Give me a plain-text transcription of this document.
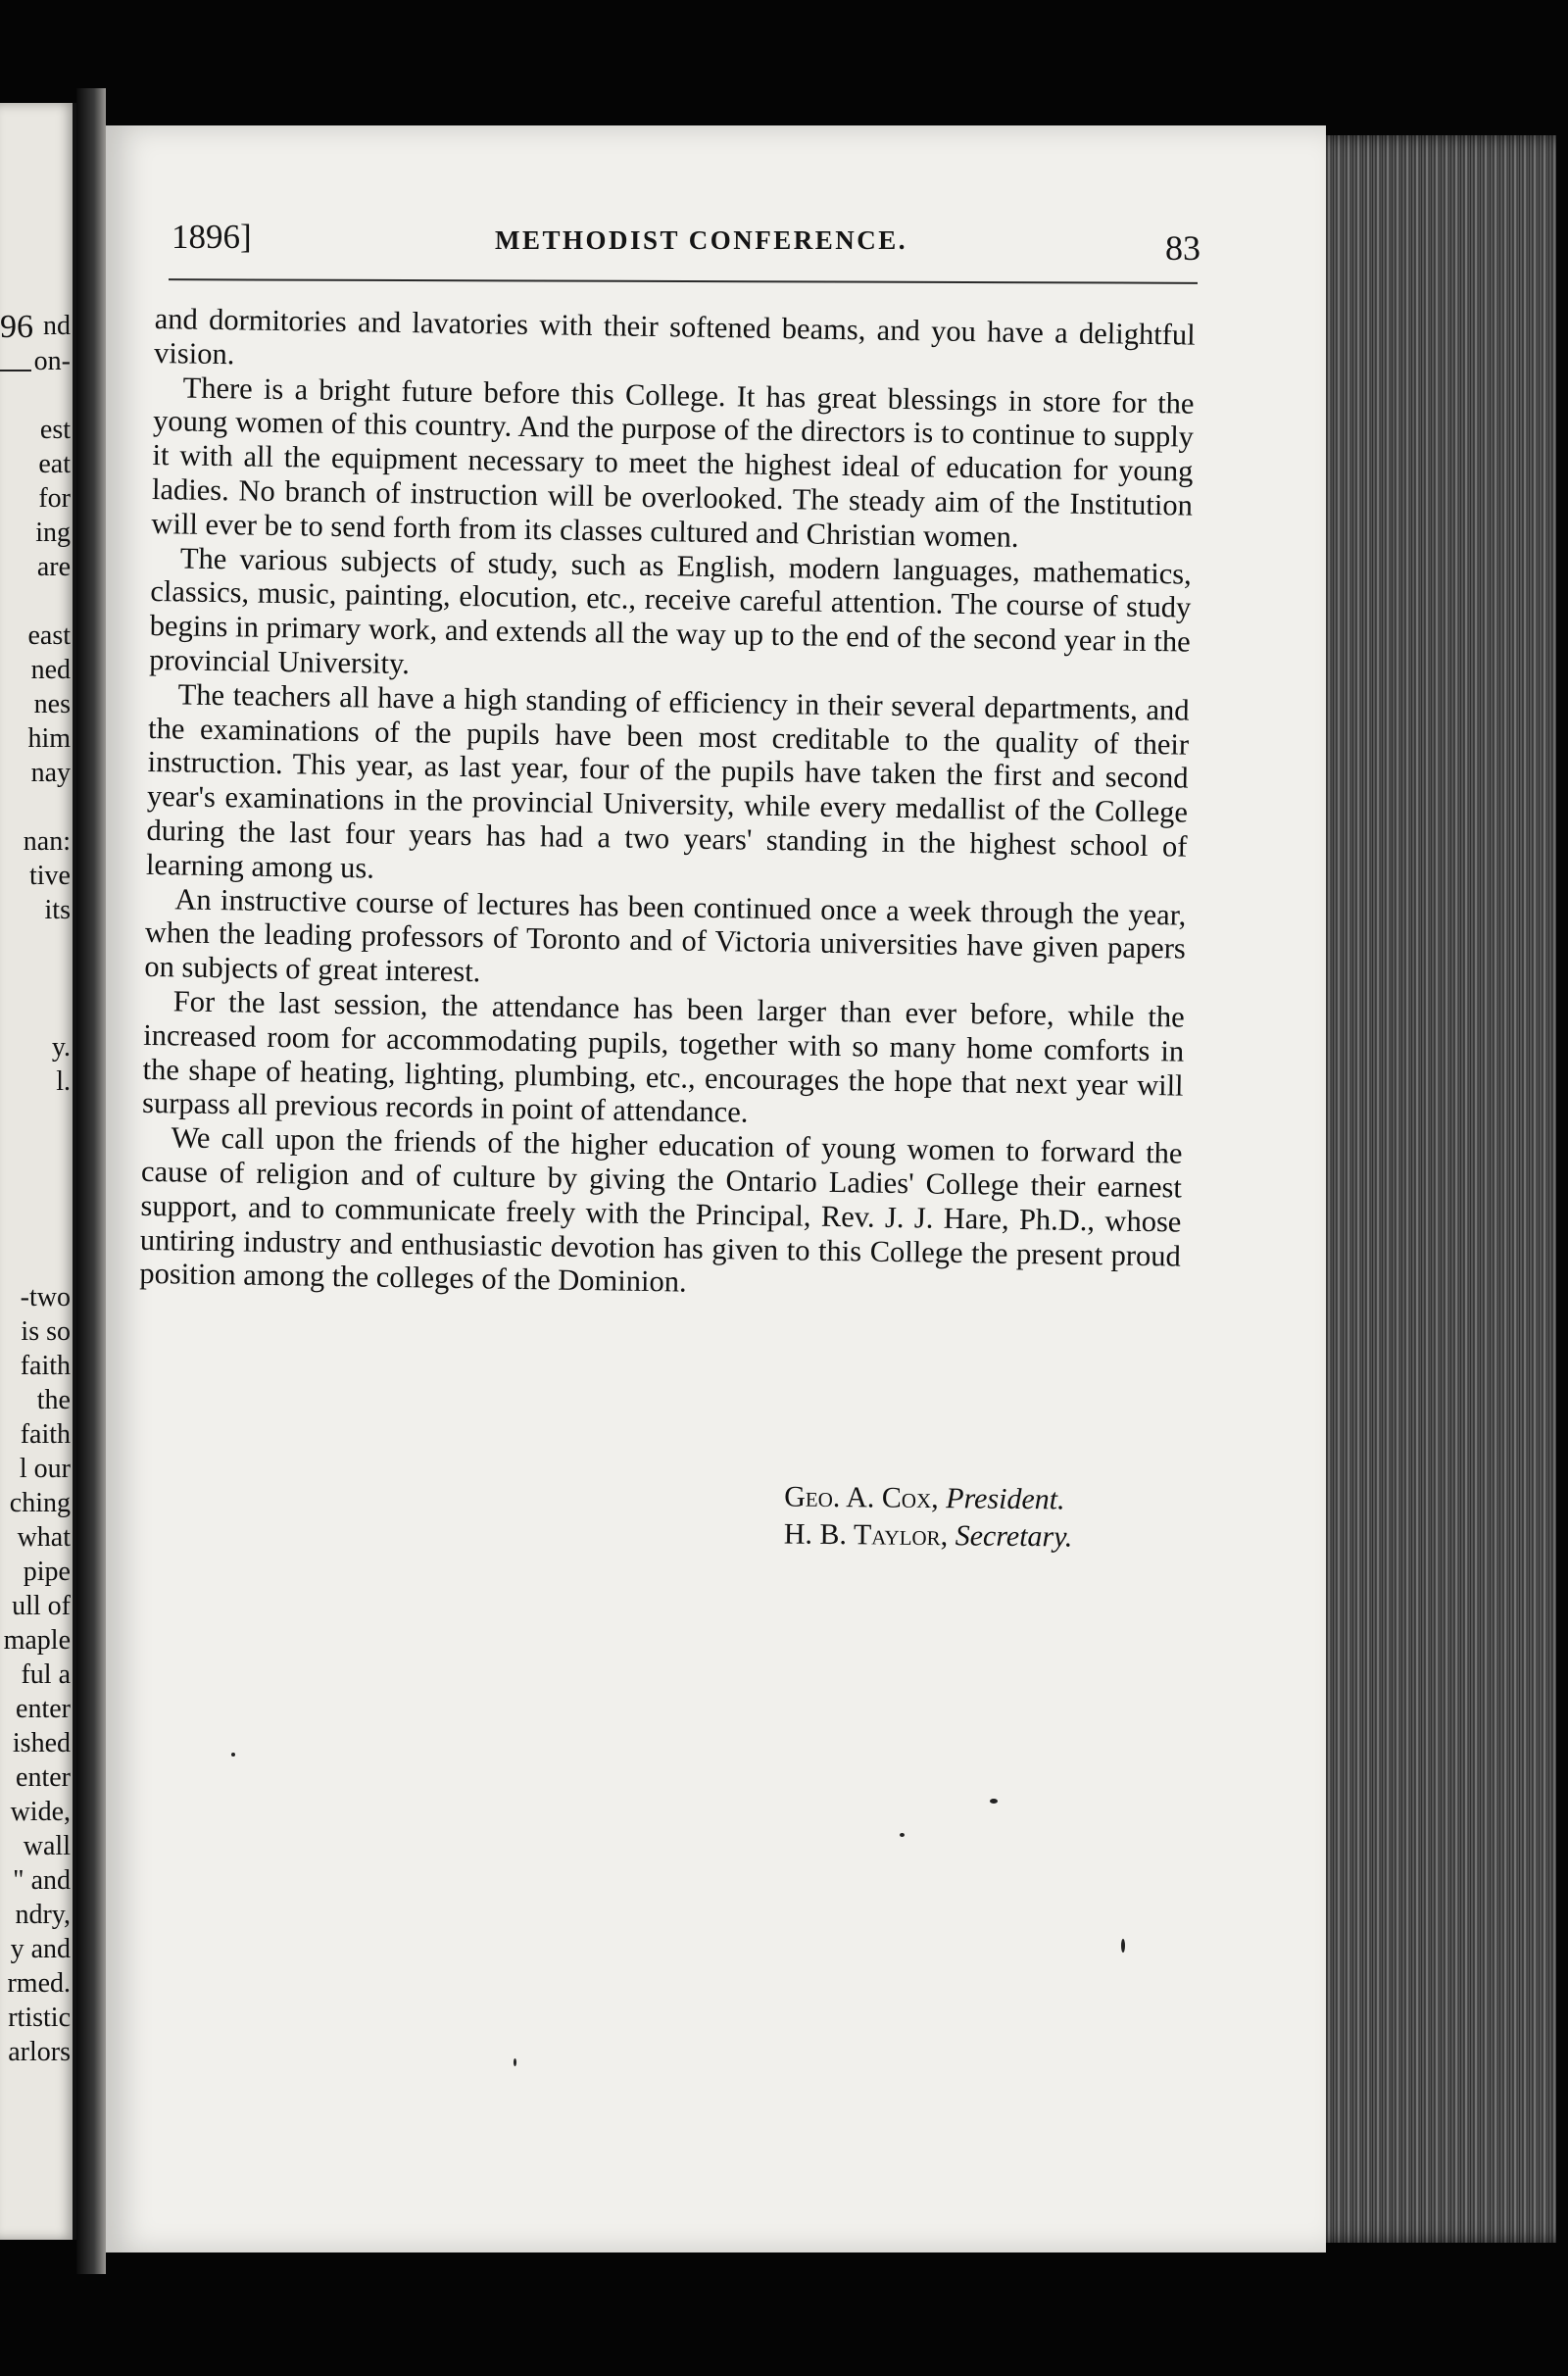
96 nd
on-
est
eat
for
ing
are
east
ned
nes
him
nay
nan:
tive
its
y.
l.
-two
is so
faith
the
faith
l our
ching
what
pipe
ull of
maple
ful a
enter
ished
enter
wide,
wall
" and
ndry,
y and
rmed.
rtistic
arlors
1896]	METHODIST CONFERENCE.	83

and dormitories and lavatories with their softened beams, and you have a delightful vision.

There is a bright future before this College. It has great blessings in store for the young women of this country. And the purpose of the directors is to continue to supply it with all the equipment necessary to meet the highest ideal of education for young ladies. No branch of instruction will be overlooked. The steady aim of the Institution will ever be to send forth from its classes cultured and Christian women.

The various subjects of study, such as English, modern languages, mathematics, classics, music, painting, elocution, etc., receive careful attention. The course of study begins in primary work, and extends all the way up to the end of the second year in the provincial University.

The teachers all have a high standing of efficiency in their several departments, and the examinations of the pupils have been most creditable to the quality of their instruction. This year, as last year, four of the pupils have taken the first and second year's examinations in the provincial University, while every medallist of the College during the last four years has had a two years' standing in the highest school of learning among us.

An instructive course of lectures has been continued once a week through the year, when the leading professors of Toronto and of Victoria universities have given papers on subjects of great interest.

For the last session, the attendance has been larger than ever before, while the increased room for accommodating pupils, together with so many home comforts in the shape of heating, lighting, plumbing, etc., encourages the hope that next year will surpass all previous records in point of attendance.

We call upon the friends of the higher education of young women to forward the cause of religion and of culture by giving the Ontario Ladies' College their earnest support, and to communicate freely with the Principal, Rev. J. J. Hare, Ph.D., whose untiring industry and enthusiastic devotion has given to this College the present proud position among the colleges of the Dominion.

Geo. A. Cox, President.
H. B. Taylor, Secretary.
